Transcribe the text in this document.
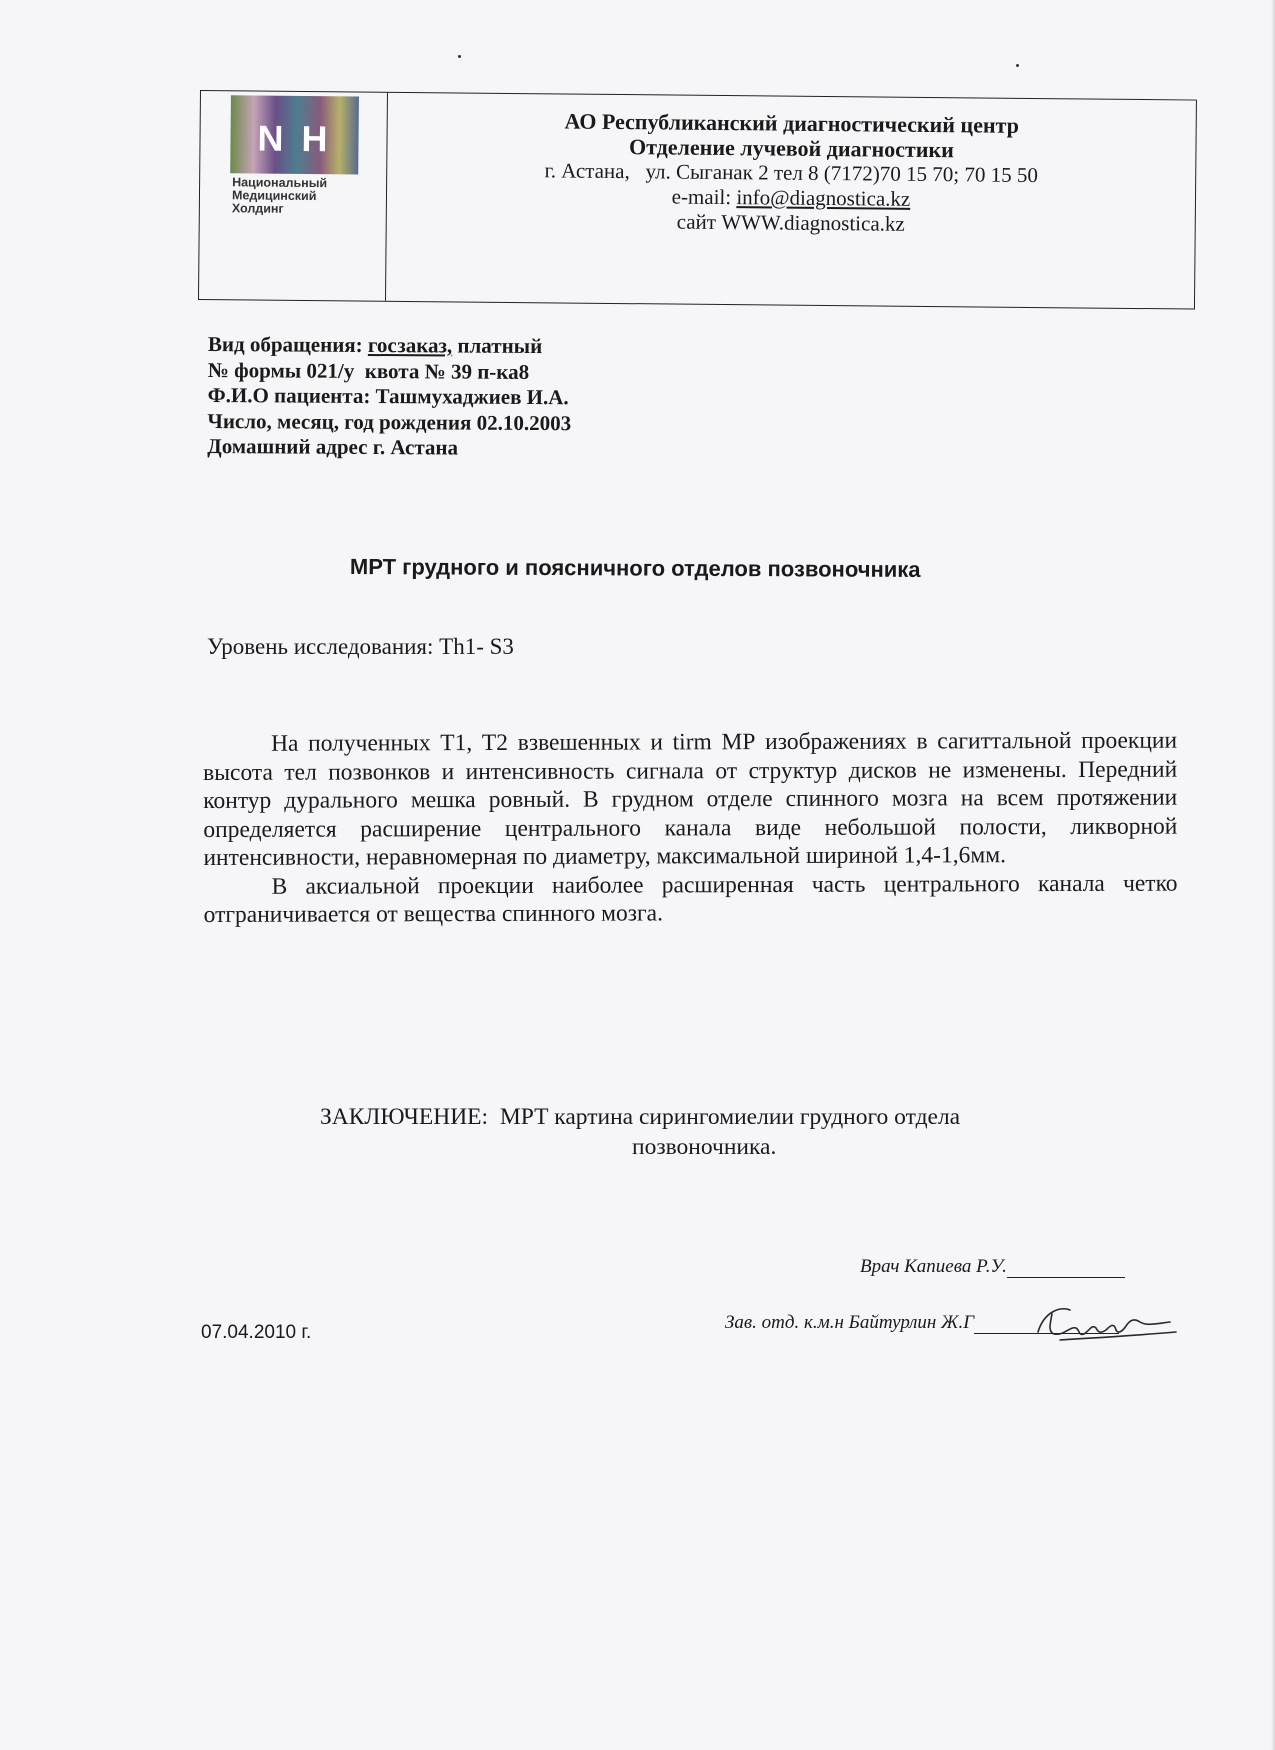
N H
Национальный
Медицинский
Холдинг
АО Республиканский диагностический центр
Отделение лучевой диагностики
г. Астана,   ул. Сыганак 2 тел 8 (7172)70 15 70; 70 15 50
e-mail: info@diagnostica.kz
сайт WWW.diagnostica.kz
Вид обращения: госзаказ, платный
№ формы 021/у  квота № 39 п-ка8
Ф.И.О пациента: Ташмухаджиев И.А.
Число, месяц, год рождения 02.10.2003
Домашний адрес г. Астана
МРТ грудного и поясничного отделов позвоночника
Уровень исследования: Th1- S3

На полученных Т1, Т2 взвешенных и tirm МР изображениях в сагиттальной проекции высота тел позвонков и интенсивность сигнала от структур дисков не изменены. Передний контур дурального мешка ровный. В грудном отделе спинного мозга на всем протяжении определяется расширение центрального канала виде небольшой полости, ликворной интенсивности, неравномерная по диаметру, максимальной шириной 1,4-1,6мм.

В аксиальной проекции наиболее расширенная часть центрального канала четко отграничивается от вещества спинного мозга.

ЗАКЛЮЧЕНИЕ:  МРТ картина сирингомиелии грудного отдела
позвоночника.
Врач Капиева Р.У.
Зав. отд. к.м.н Байтурлин Ж.Г
07.04.2010 г.
